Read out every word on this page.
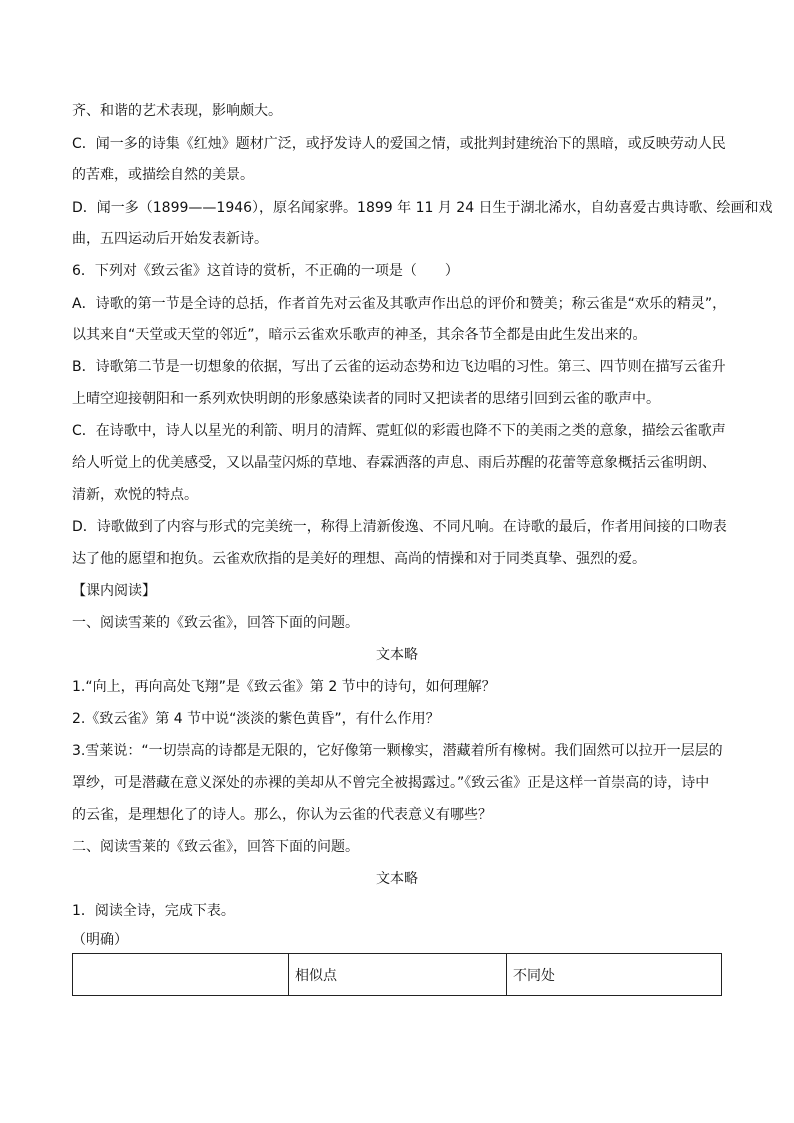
齐、和谐的艺术表现，影响颇大。
C．闻一多的诗集《红烛》题材广泛，或抒发诗人的爱国之情，或批判封建统治下的黑暗，或反映劳动人民
的苦难，或描绘自然的美景。
D．闻一多（1899——1946），原名闻家骅。1899 年 11 月 24 日生于湖北浠水，自幼喜爱古典诗歌、绘画和戏
曲，五四运动后开始发表新诗。
6．下列对《致云雀》这首诗的赏析，不正确的一项是（　　）
A．诗歌的第一节是全诗的总括，作者首先对云雀及其歌声作出总的评价和赞美；称云雀是“欢乐的精灵”，
以其来自“天堂或天堂的邻近”，暗示云雀欢乐歌声的神圣，其余各节全都是由此生发出来的。
B．诗歌第二节是一切想象的依据，写出了云雀的运动态势和边飞边唱的习性。第三、四节则在描写云雀升
上晴空迎接朝阳和一系列欢快明朗的形象感染读者的同时又把读者的思绪引回到云雀的歌声中。
C．在诗歌中，诗人以星光的利箭、明月的清辉、霓虹似的彩霞也降不下的美雨之类的意象，描绘云雀歌声
给人听觉上的优美感受，又以晶莹闪烁的草地、春霖洒落的声息、雨后苏醒的花蕾等意象概括云雀明朗、
清新，欢悦的特点。
D．诗歌做到了内容与形式的完美统一，称得上清新俊逸、不同凡响。在诗歌的最后，作者用间接的口吻表
达了他的愿望和抱负。云雀欢欣指的是美好的理想、高尚的情操和对于同类真挚、强烈的爱。
【课内阅读】
一、阅读雪莱的《致云雀》，回答下面的问题。
文本略
1.“向上，再向高处飞翔”是《致云雀》第 2 节中的诗句，如何理解？
2.《致云雀》第 4 节中说“淡淡的紫色黄昏”，有什么作用？
3.雪莱说：“一切崇高的诗都是无限的，它好像第一颗橡实，潜藏着所有橡树。我们固然可以拉开一层层的
罩纱，可是潜藏在意义深处的赤裸的美却从不曾完全被揭露过。”《致云雀》正是这样一首崇高的诗，诗中
的云雀，是理想化了的诗人。那么，你认为云雀的代表意义有哪些？
二、阅读雪莱的《致云雀》，回答下面的问题。
文本略
1．阅读全诗，完成下表。
（明确）
	相似点	不同处
